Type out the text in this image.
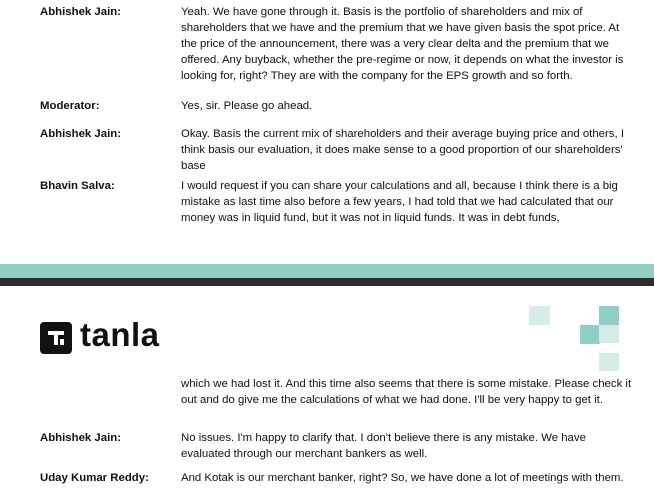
Abhishek Jain:	Yeah. We have gone through it. Basis is the portfolio of shareholders and mix of shareholders that we have and the premium that we have given basis the spot price. At the price of the announcement, there was a very clear delta and the premium that we offered. Any buyback, whether the pre-regime or now, it depends on what the investor is looking for, right? They are with the company for the EPS growth and so forth.
Moderator:	Yes, sir. Please go ahead.
Abhishek Jain:	Okay. Basis the current mix of shareholders and their average buying price and others, I think basis our evaluation, it does make sense to a good proportion of our shareholders' base
Bhavin Salva:	I would request if you can share your calculations and all, because I think there is a big mistake as last time also before a few years, I had told that we had calculated that our money was in liquid fund, but it was not in liquid funds. It was in debt funds,
tanla
which we had lost it. And this time also seems that there is some mistake. Please check it out and do give me the calculations of what we had done. I'll be very happy to get it.
Abhishek Jain:	No issues. I'm happy to clarify that. I don't believe there is any mistake. We have evaluated through our merchant bankers as well.
Uday Kumar Reddy:	And Kotak is our merchant banker, right? So, we have done a lot of meetings with them.
